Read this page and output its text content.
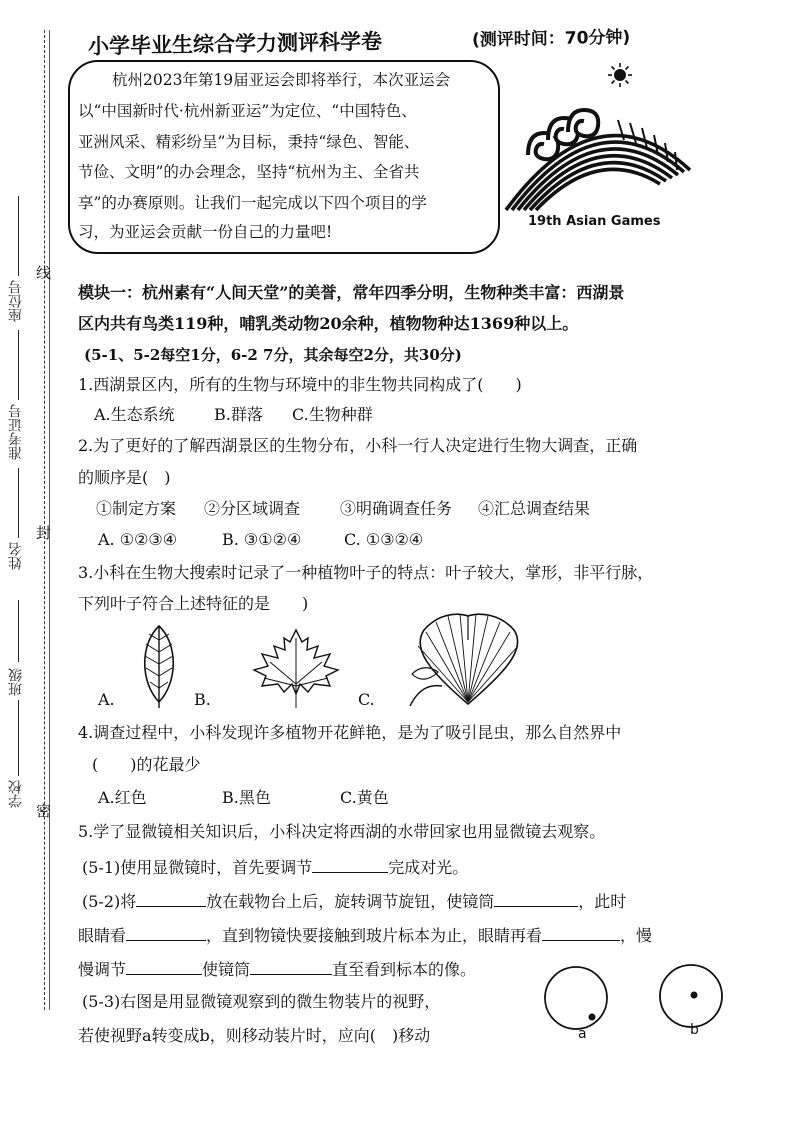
线
封
密
座位号
准考证号
姓名
班级
学校
小学毕业生综合学力测评科学卷	(测评时间：70分钟)
杭州2023年第19届亚运会即将举行，本次亚运会
以“中国新时代·杭州新亚运”为定位、“中国特色、
亚洲风采、精彩纷呈”为目标，秉持“绿色、智能、
节俭、文明”的办会理念，坚持“杭州为主、全省共
享”的办赛原则。让我们一起完成以下四个项目的学
习，为亚运会贡献一份自己的力量吧!
19th Asian Games
模块一：杭州素有“人间天堂”的美誉，常年四季分明，生物种类丰富：西湖景
区内共有鸟类119种，哺乳类动物20余种，植物物种达1369种以上。
(5-1、5-2每空1分，6-2 7分，其余每空2分，共30分)
1.西湖景区内，所有的生物与环境中的非生物共同构成了(　　)
A.生态系统 B.群落 C.生物种群
2.为了更好的了解西湖景区的生物分布，小科一行人决定进行生物大调查，正确
的顺序是(　)
①制定方案 ②分区域调查 ③明确调查任务 ④汇总调查结果
A. ①②③④	B. ③①②④	C. ①③②④
3.小科在生物大搜索时记录了一种植物叶子的特点：叶子较大，掌形，非平行脉，
下列叶子符合上述特征的是　　)
A.	B.	C.
4.调查过程中，小科发现许多植物开花鲜艳，是为了吸引昆虫，那么自然界中
(　　)的花最少
A.红色	B.黑色	C.黄色
5.学了显微镜相关知识后，小科决定将西湖的水带回家也用显微镜去观察。
(5-1)使用显微镜时，首先要调节	完成对光。
(5-2)将	放在载物台上后，旋转调节旋钮，使镜筒	，此时
眼睛看	，直到物镜快要接触到玻片标本为止，眼睛再看	，慢
慢调节	使镜筒	直至看到标本的像。
(5-3)右图是用显微镜观察到的微生物装片的视野，
若使视野a转变成b，则移动装片时，应向(　)移动	a	b
